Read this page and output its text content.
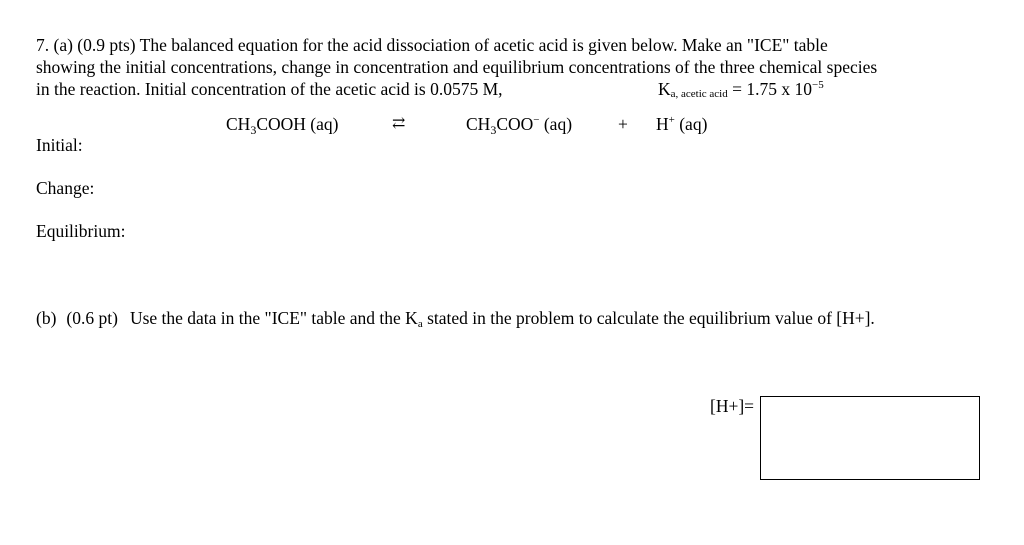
7. (a) (0.9 pts) The balanced equation for the acid dissociation of acetic acid is given below. Make an "ICE" table
showing the initial concentrations, change in concentration and equilibrium concentrations of the three chemical species
in the reaction. Initial concentration of the acetic acid is 0.0575 M,	Ka, acetic acid = 1.75 x $10^{-5}$
$CH_3COOH$ (aq)	⇄	$CH_3COO^-$ (aq)	+ H+ (aq)
Initial:
Change:
Equilibrium:
(b) (0.6 pt) Use the data in the "ICE" table and the Ka stated in the problem to calculate the equilibrium value of [H+].
[H+]=
